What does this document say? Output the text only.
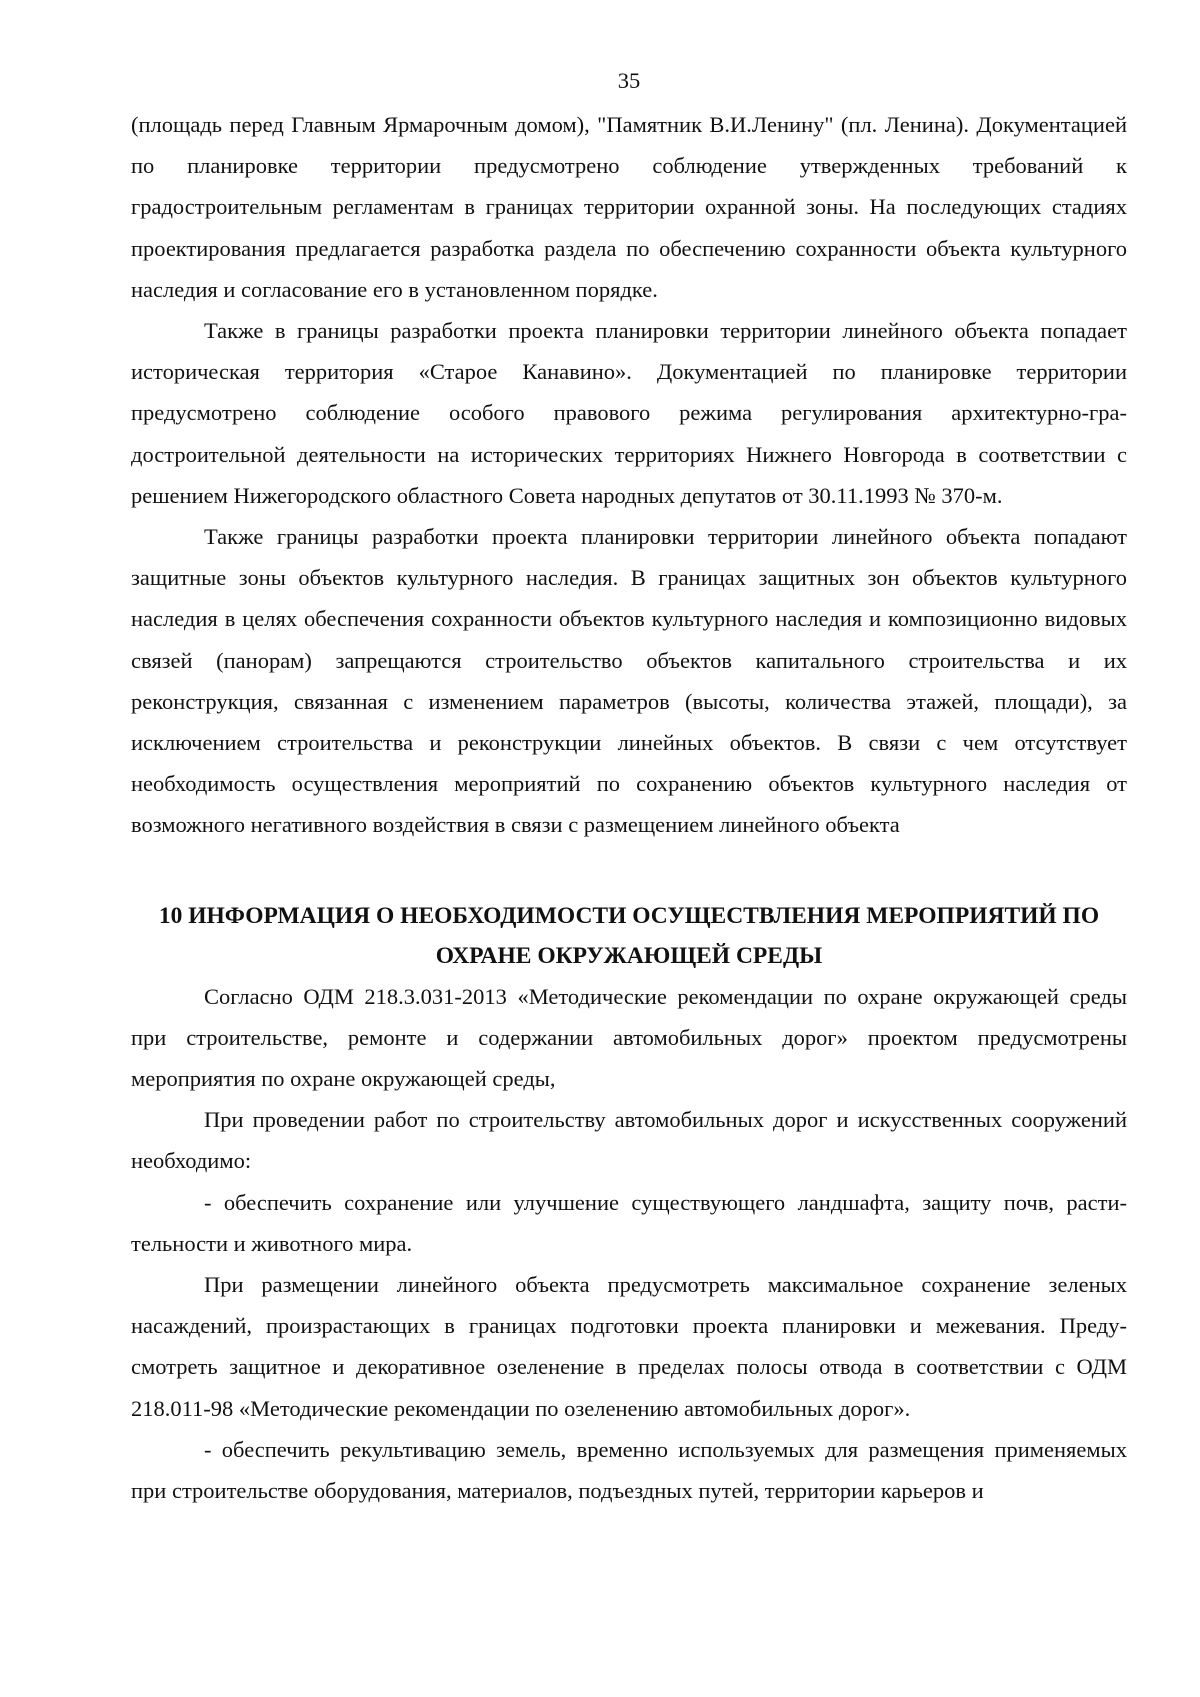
35

(площадь перед Главным Ярмарочным домом), "Памятник В.И.Ленину" (пл. Ленина). Документацией по планировке территории предусмотрено соблюдение утвержденных требований к градостроительным регламентам в границах территории охранной зоны. На последующих стадиях проектирования предлагается разработка раздела по обеспечению сохранности объекта культурного наследия и согласование его в установленном порядке.

Также в границы разработки проекта планировки территории линейного объекта попадает историческая территория «Старое Канавино». Документацией по планировке территории предусмотрено соблюдение особого правового режима регулирования архитектурно-градостроительной деятельности на исторических территориях Нижнего Новгорода в соответствии с решением Нижегородского областного Совета народных депутатов от 30.11.1993 № 370-м.

Также границы разработки проекта планировки территории линейного объекта попадают защитные зоны объектов культурного наследия. В границах защитных зон объектов культурного наследия в целях обеспечения сохранности объектов культурного наследия и композиционно видовых связей (панорам) запрещаются строительство объектов капитального строительства и их реконструкция, связанная с изменением параметров (высоты, количества этажей, площади), за исключением строительства и реконструкции линейных объектов. В связи с чем отсутствует необходимость осуществления мероприятий по сохранению объектов культурного наследия от возможного негативного воздействия в связи с размещением линейного объекта

10 ИНФОРМАЦИЯ О НЕОБХОДИМОСТИ ОСУЩЕСТВЛЕНИЯ МЕРОПРИЯТИЙ ПО
ОХРАНЕ ОКРУЖАЮЩЕЙ СРЕДЫ

Согласно ОДМ 218.3.031-2013 «Методические рекомендации по охране окружающей среды при строительстве, ремонте и содержании автомобильных дорог» проектом предусмотрены мероприятия по охране окружающей среды,

При проведении работ по строительству автомобильных дорог и искусственных сооружений необходимо:

- обеспечить сохранение или улучшение существующего ландшафта, защиту почв, растительности и животного мира.

При размещении линейного объекта предусмотреть максимальное сохранение зеленых насаждений, произрастающих в границах подготовки проекта планировки и межевания. Предусмотреть защитное и декоративное озеленение в пределах полосы отвода в соответствии с ОДМ 218.011-98 «Методические рекомендации по озеленению автомобильных дорог».

- обеспечить рекультивацию земель, временно используемых для размещения применяемых при строительстве оборудования, материалов, подъездных путей, территории карьеров и
